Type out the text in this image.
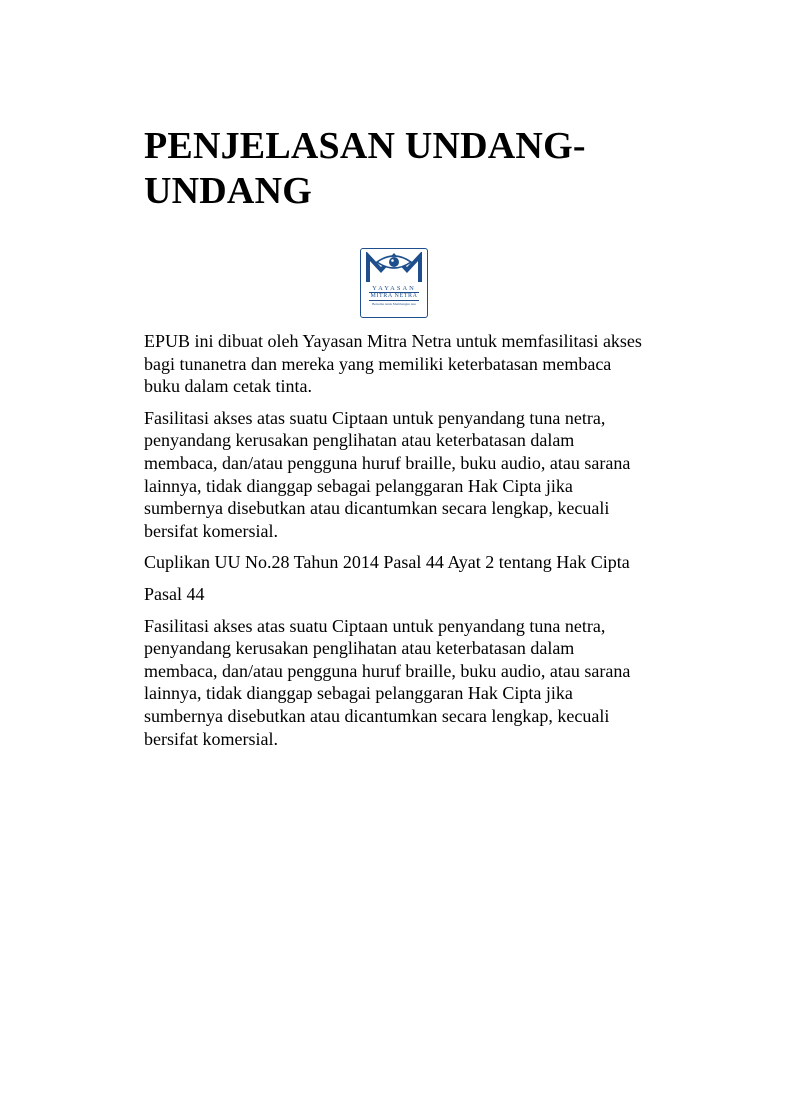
PENJELASAN UNDANG-UNDANG
YAYASAN
MITRA NETRA
Bersama Anda Membangun Asa

EPUB ini dibuat oleh Yayasan Mitra Netra untuk memfasilitasi akses bagi tunanetra dan mereka yang memiliki keterbatasan membaca buku dalam cetak tinta.

Fasilitasi akses atas suatu Ciptaan untuk penyandang tuna netra, penyandang kerusakan penglihatan atau keterbatasan dalam membaca, dan/atau pengguna huruf braille, buku audio, atau sarana lainnya, tidak dianggap sebagai pelanggaran Hak Cipta jika sumbernya disebutkan atau dicantumkan secara lengkap, kecuali bersifat komersial.

Cuplikan UU No.28 Tahun 2014 Pasal 44 Ayat 2 tentang Hak Cipta

Pasal 44

Fasilitasi akses atas suatu Ciptaan untuk penyandang tuna netra, penyandang kerusakan penglihatan atau keterbatasan dalam membaca, dan/atau pengguna huruf braille, buku audio, atau sarana lainnya, tidak dianggap sebagai pelanggaran Hak Cipta jika sumbernya disebutkan atau dicantumkan secara lengkap, kecuali bersifat komersial.
